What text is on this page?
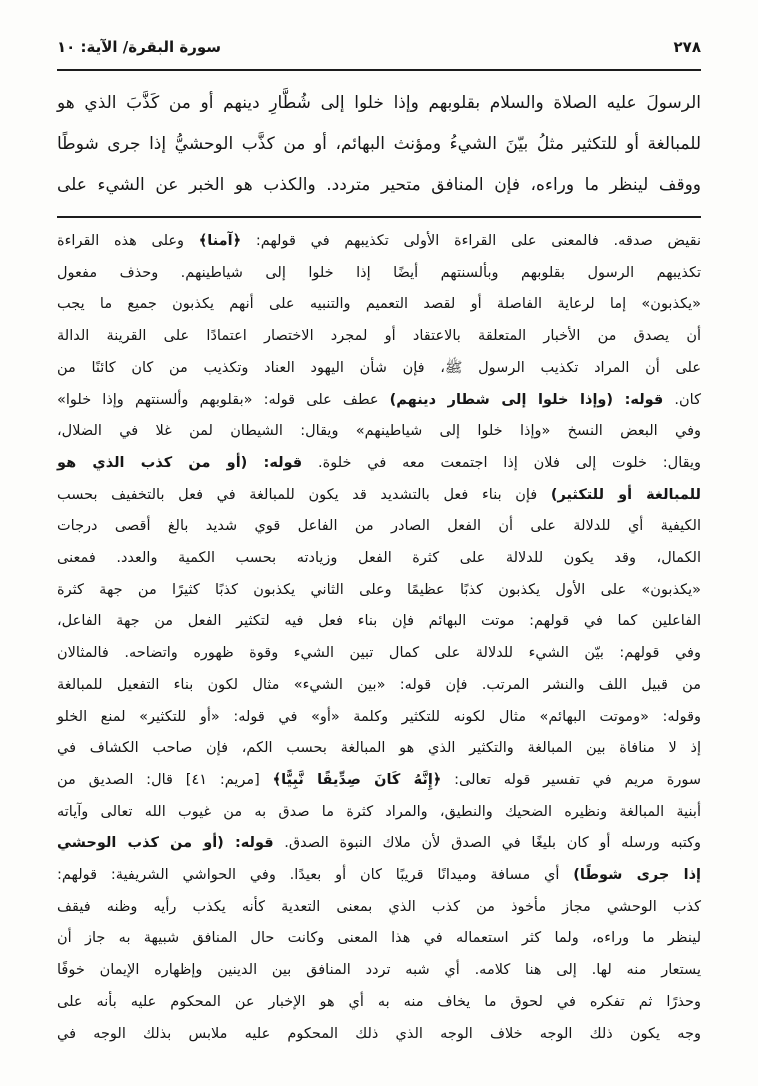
سورة البقرة/ الآية: ١٠	٢٧٨
الرسولَ عليه الصلاة والسلام بقلوبهم وإذا خلوا إلى شُطَّارِ دينهم أو من كَذَّبَ الذي هو
للمبالغة أو للتكثير مثلُ بيّنَ الشيءُ ومؤنث البهائم، أو من كذَّب الوحشيُّ إذا جرى شوطًا
ووقف لينظر ما وراءه، فإن المنافق متحير متردد. والكذب هو الخبر عن الشيء على
نقيض صدقه. فالمعنى على القراءة الأولى تكذيبهم في قولهم: ﴿آمنا﴾ وعلى هذه القراءة
تكذيبهم الرسول بقلوبهم وبألسنتهم أيضًا إذا خلوا إلى شياطينهم. وحذف مفعول
«يكذبون» إما لرعاية الفاصلة أو لقصد التعميم والتنبيه على أنهم يكذبون جميع ما يجب
أن يصدق من الأخبار المتعلقة بالاعتقاد أو لمجرد الاختصار اعتمادًا على القرينة الدالة
على أن المراد تكذيب الرسول ﷺ، فإن شأن اليهود العناد وتكذيب من كان كائنًا من
كان. قوله: (وإذا خلوا إلى شطار دينهم) عطف على قوله: «بقلوبهم وألسنتهم وإذا خلوا»
وفي البعض النسخ «وإذا خلوا إلى شياطينهم» ويقال: الشيطان لمن غلا في الضلال،
ويقال: خلوت إلى فلان إذا اجتمعت معه في خلوة. قوله: (أو من كذب الذي هو
للمبالغة أو للتكثير) فإن بناء فعل بالتشديد قد يكون للمبالغة في فعل بالتخفيف بحسب
الكيفية أي للدلالة على أن الفعل الصادر من الفاعل قوي شديد بالغ أقصى درجات
الكمال، وقد يكون للدلالة على كثرة الفعل وزيادته بحسب الكمية والعدد. فمعنى
«يكذبون» على الأول يكذبون كذبًا عظيمًا وعلى الثاني يكذبون كذبًا كثيرًا من جهة كثرة
الفاعلين كما في قولهم: موتت البهائم فإن بناء فعل فيه لتكثير الفعل من جهة الفاعل،
وفي قولهم: بيّن الشيء للدلالة على كمال تبين الشيء وقوة ظهوره واتضاحه. فالمثالان
من قبيل اللف والنشر المرتب. فإن قوله: «بين الشيء» مثال لكون بناء التفعيل للمبالغة
وقوله: «وموتت البهائم» مثال لكونه للتكثير وكلمة «أو» في قوله: «أو للتكثير» لمنع الخلو
إذ لا منافاة بين المبالغة والتكثير الذي هو المبالغة بحسب الكم، فإن صاحب الكشاف في
سورة مريم في تفسير قوله تعالى: ﴿إِنَّهُ كَانَ صِدِّيقًا نَّبِيًّا﴾ [مريم: ٤١] قال: الصديق من
أبنية المبالغة ونظيره الضحيك والنطيق، والمراد كثرة ما صدق به من غيوب الله تعالى وآياته
وكتبه ورسله أو كان بليغًا في الصدق لأن ملاك النبوة الصدق. قوله: (أو من كذب الوحشي
إذا جرى شوطًا) أي مسافة وميدانًا قريبًا كان أو بعيدًا. وفي الحواشي الشريفية: قولهم:
كذب الوحشي مجاز مأخوذ من كذب الذي بمعنى التعدية كأنه يكذب رأيه وظنه فيقف
لينظر ما وراءه، ولما كثر استعماله في هذا المعنى وكانت حال المنافق شبيهة به جاز أن
يستعار منه لها. إلى هنا كلامه. أي شبه تردد المنافق بين الدينين وإظهاره الإيمان خوفًا
وحذرًا ثم تفكره في لحوق ما يخاف منه به أي هو الإخبار عن المحكوم عليه بأنه على
وجه يكون ذلك الوجه خلاف الوجه الذي ذلك المحكوم عليه ملابس بذلك الوجه في
